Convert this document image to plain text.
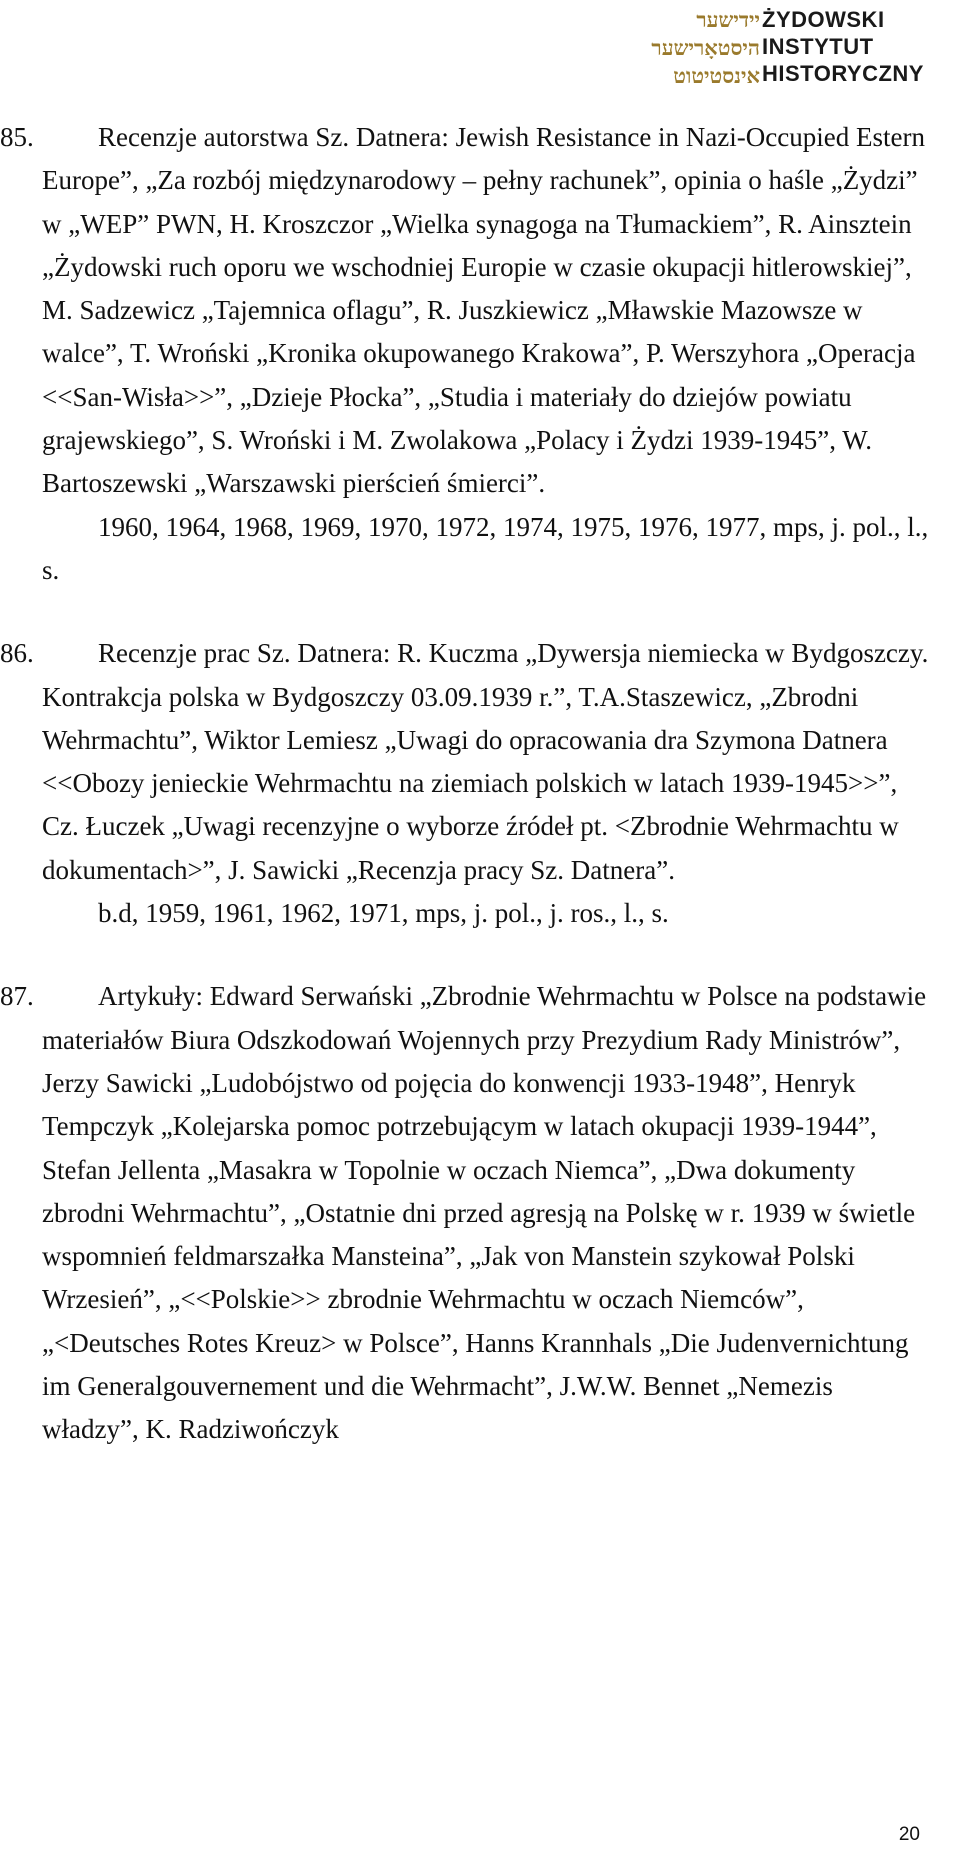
יידישער
היסטאָרישער
אינסטיטוט
ŻYDOWSKI
INSTYTUT
HISTORYCZNY

85. Recenzje autorstwa Sz. Datnera: Jewish Resistance in Nazi-Occupied Estern Europe”, „Za rozbój międzynarodowy – pełny rachunek”, opinia o haśle „Żydzi” w „WEP” PWN, H. Kroszczor „Wielka synagoga na Tłumackiem”, R. Ainsztein „Żydowski ruch oporu we wschodniej Europie w czasie okupacji hitlerowskiej”, M. Sadzewicz „Tajemnica oflagu”, R. Juszkiewicz „Mławskie Mazowsze w walce”, T. Wroński „Kronika okupowanego Krakowa”, P. Werszyhora „Operacja <<San-Wisła>>”, „Dzieje Płocka”, „Studia i materiały do dziejów powiatu grajewskiego”, S. Wroński i M. Zwolakowa „Polacy i Żydzi 1939-1945”, W. Bartoszewski „Warszawski pierścień śmierci”.

1960, 1964, 1968, 1969, 1970, 1972, 1974, 1975, 1976, 1977, mps, j. pol., l., s.

86. Recenzje prac Sz. Datnera: R. Kuczma „Dywersja niemiecka w Bydgoszczy. Kontrakcja polska w Bydgoszczy 03.09.1939 r.”, T.A.Staszewicz, „Zbrodni Wehrmachtu”, Wiktor Lemiesz „Uwagi do opracowania dra Szymona Datnera <<Obozy jenieckie Wehrmachtu na ziemiach polskich w latach 1939-1945>>”, Cz. Łuczek „Uwagi recenzyjne o wyborze źródeł pt. <Zbrodnie Wehrmachtu w dokumentach>”, J. Sawicki „Recenzja pracy Sz. Datnera”.

b.d, 1959, 1961, 1962, 1971, mps, j. pol., j. ros., l., s.

87. Artykuły: Edward Serwański „Zbrodnie Wehrmachtu w Polsce na podstawie materiałów Biura Odszkodowań Wojennych przy Prezydium Rady Ministrów”, Jerzy Sawicki „Ludobójstwo od pojęcia do konwencji 1933-1948”, Henryk Tempczyk „Kolejarska pomoc potrzebującym w latach okupacji 1939-1944”, Stefan Jellenta „Masakra w Topolnie w oczach Niemca”, „Dwa dokumenty zbrodni Wehrmachtu”, „Ostatnie dni przed agresją na Polskę w r. 1939 w świetle wspomnień feldmarszałka Mansteina”, „Jak von Manstein szykował Polski Wrzesień”, „<<Polskie>> zbrodnie Wehrmachtu w oczach Niemców”, „<Deutsches Rotes Kreuz> w Polsce”, Hanns Krannhals „Die Judenvernichtung im Generalgouvernement und die Wehrmacht”, J.W.W. Bennet „Nemezis władzy”, K. Radziwończyk

20
